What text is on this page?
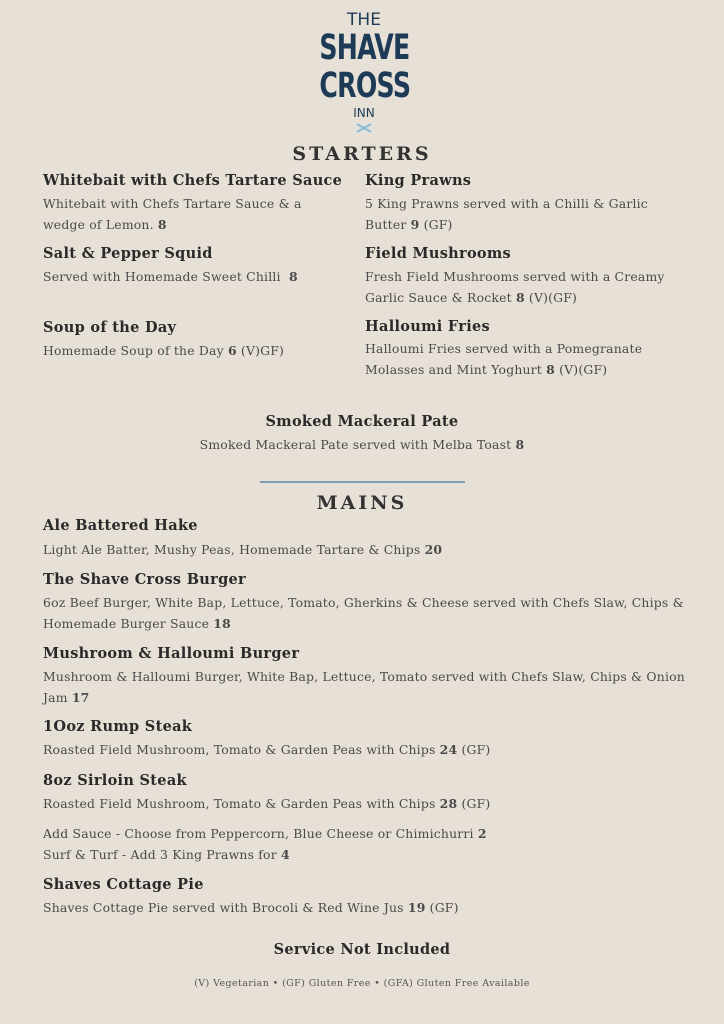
THE
SHAVE
CROSS
INN
STARTERS
Whitebait with Chefs Tartare Sauce
Whitebait with Chefs Tartare Sauce & a wedge of Lemon. 8
King Prawns
5 King Prawns served with a Chilli & Garlic Butter 9 (GF)
Salt & Pepper Squid
Served with Homemade Sweet Chilli 8
Field Mushrooms
Fresh Field Mushrooms served with a Creamy Garlic Sauce & Rocket 8 (V)(GF)
Soup of the Day
Homemade Soup of the Day 6 (V)GF)
Halloumi Fries
Halloumi Fries served with a Pomegranate Molasses and Mint Yoghurt 8 (V)(GF)
Smoked Mackeral Pate
Smoked Mackeral Pate served with Melba Toast 8
MAINS
Ale Battered Hake
Light Ale Batter, Mushy Peas, Homemade Tartare & Chips 20
The Shave Cross Burger
6oz Beef Burger, White Bap, Lettuce, Tomato, Gherkins & Cheese served with Chefs Slaw, Chips & Homemade Burger Sauce 18
Mushroom & Halloumi Burger
Mushroom & Halloumi Burger, White Bap, Lettuce, Tomato served with Chefs Slaw, Chips & Onion Jam 17
1Ooz Rump Steak
Roasted Field Mushroom, Tomato & Garden Peas with Chips 24 (GF)
8oz Sirloin Steak
Roasted Field Mushroom, Tomato & Garden Peas with Chips 28 (GF)
Add Sauce - Choose from Peppercorn, Blue Cheese or Chimichurri 2
Surf & Turf - Add 3 King Prawns for 4
Shaves Cottage Pie
Shaves Cottage Pie served with Brocoli & Red Wine Jus 19 (GF)
Service Not Included
(V) Vegetarian • (GF) Gluten Free • (GFA) Gluten Free Available
